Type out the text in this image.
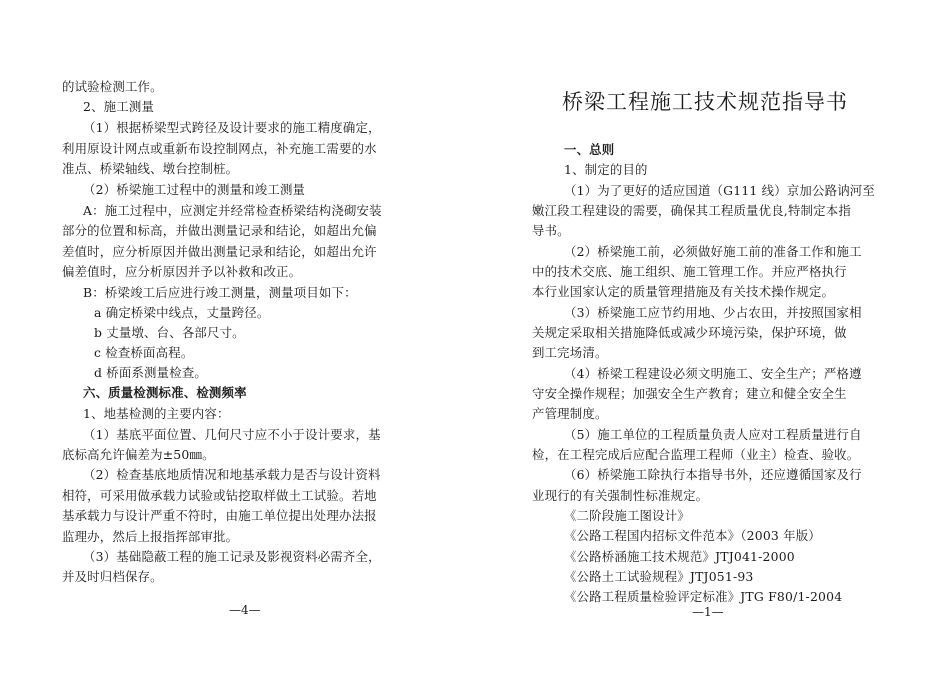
的试验检测工作。
2、施工测量
（1）根据桥梁型式跨径及设计要求的施工精度确定，
利用原设计网点或重新布设控制网点，补充施工需要的水
准点、桥梁轴线、墩台控制桩。
（2）桥梁施工过程中的测量和竣工测量
A：施工过程中，应测定并经常检查桥梁结构浇砌安装
部分的位置和标高，并做出测量记录和结论，如超出允偏
差值时，应分析原因并做出测量记录和结论，如超出允许
偏差值时，应分析原因并予以补救和改正。
B：桥梁竣工后应进行竣工测量，测量项目如下：
a 确定桥梁中线点，丈量跨径。
b 丈量墩、台、各部尺寸。
c 检查桥面高程。
d 桥面系测量检查。
六、质量检测标准、检测频率
1、地基检测的主要内容：
（1）基底平面位置、几何尺寸应不小于设计要求，基
底标高允许偏差为±50㎜。
（2）检查基底地质情况和地基承载力是否与设计资料
相符，可采用做承载力试验或钻挖取样做土工试验。若地
基承载力与设计严重不符时，由施工单位提出处理办法报
监理办，然后上报指挥部审批。
（3）基础隐蔽工程的施工记录及影视资料必需齐全，
并及时归档保存。
—4—
桥梁工程施工技术规范指导书
一、总则
1、制定的目的
（1）为了更好的适应国道（G111 线）京加公路讷河至
嫩江段工程建设的需要，确保其工程质量优良,特制定本指
导书。
（2）桥梁施工前，必须做好施工前的准备工作和施工
中的技术交底、施工组织、施工管理工作。并应严格执行
本行业国家认定的质量管理措施及有关技术操作规定。
（3）桥梁施工应节约用地、少占农田，并按照国家相
关规定采取相关措施降低或减少环境污染，保护环境，做
到工完场清。
（4）桥梁工程建设必须文明施工、安全生产；严格遵
守安全操作规程；加强安全生产教育；建立和健全安全生
产管理制度。
（5）施工单位的工程质量负责人应对工程质量进行自
检，在工程完成后应配合监理工程师（业主）检查、验收。
（6）桥梁施工除执行本指导书外，还应遵循国家及行
业现行的有关强制性标准规定。
《二阶段施工图设计》
《公路工程国内招标文件范本》（2003 年版）
《公路桥涵施工技术规范》JTJ041-2000
《公路土工试验规程》JTJ051-93
《公路工程质量检验评定标准》JTG F80/1-2004
—1—
